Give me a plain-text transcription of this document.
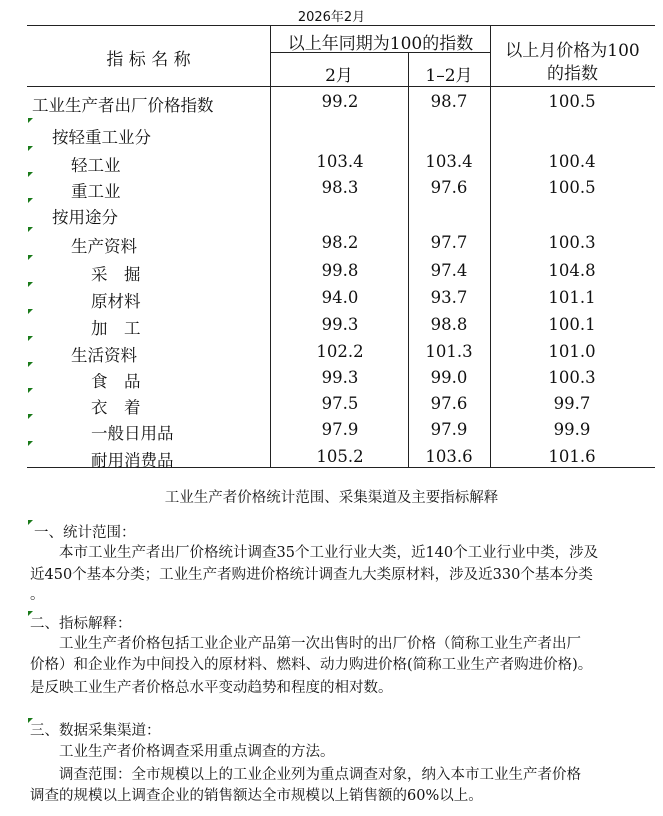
2026年2月
指 标 名 称
以上年同期为100的指数
2月	1–2月
以上月价格为100
的指数
工业生产者出厂价格指数	99.2	98.7	100.5
按轻重工业分
轻工业	103.4	103.4	100.4
重工业	98.3	97.6	100.5
按用途分
生产资料	98.2	97.7	100.3
采　掘	99.8	97.4	104.8
原材料	94.0	93.7	101.1
加　工	99.3	98.8	100.1
生活资料	102.2	101.3	101.0
食　品	99.3	99.0	100.3
衣　着	97.5	97.6	99.7
一般日用品	97.9	97.9	99.9
耐用消费品	105.2	103.6	101.6
工业生产者价格统计范围、采集渠道及主要指标解释
一、统计范围：
　　本市工业生产者出厂价格统计调查35个工业行业大类，近140个工业行业中类，涉及
近450个基本分类；工业生产者购进价格统计调查九大类原材料，涉及近330个基本分类
。
二、指标解释：
　　工业生产者价格包括工业企业产品第一次出售时的出厂价格（简称工业生产者出厂
价格）和企业作为中间投入的原材料、燃料、动力购进价格(简称工业生产者购进价格)。
是反映工业生产者价格总水平变动趋势和程度的相对数。
三、数据采集渠道：
　　工业生产者价格调查采用重点调查的方法。
　　调查范围：全市规模以上的工业企业列为重点调查对象，纳入本市工业生产者价格
调查的规模以上调查企业的销售额达全市规模以上销售额的60%以上。
